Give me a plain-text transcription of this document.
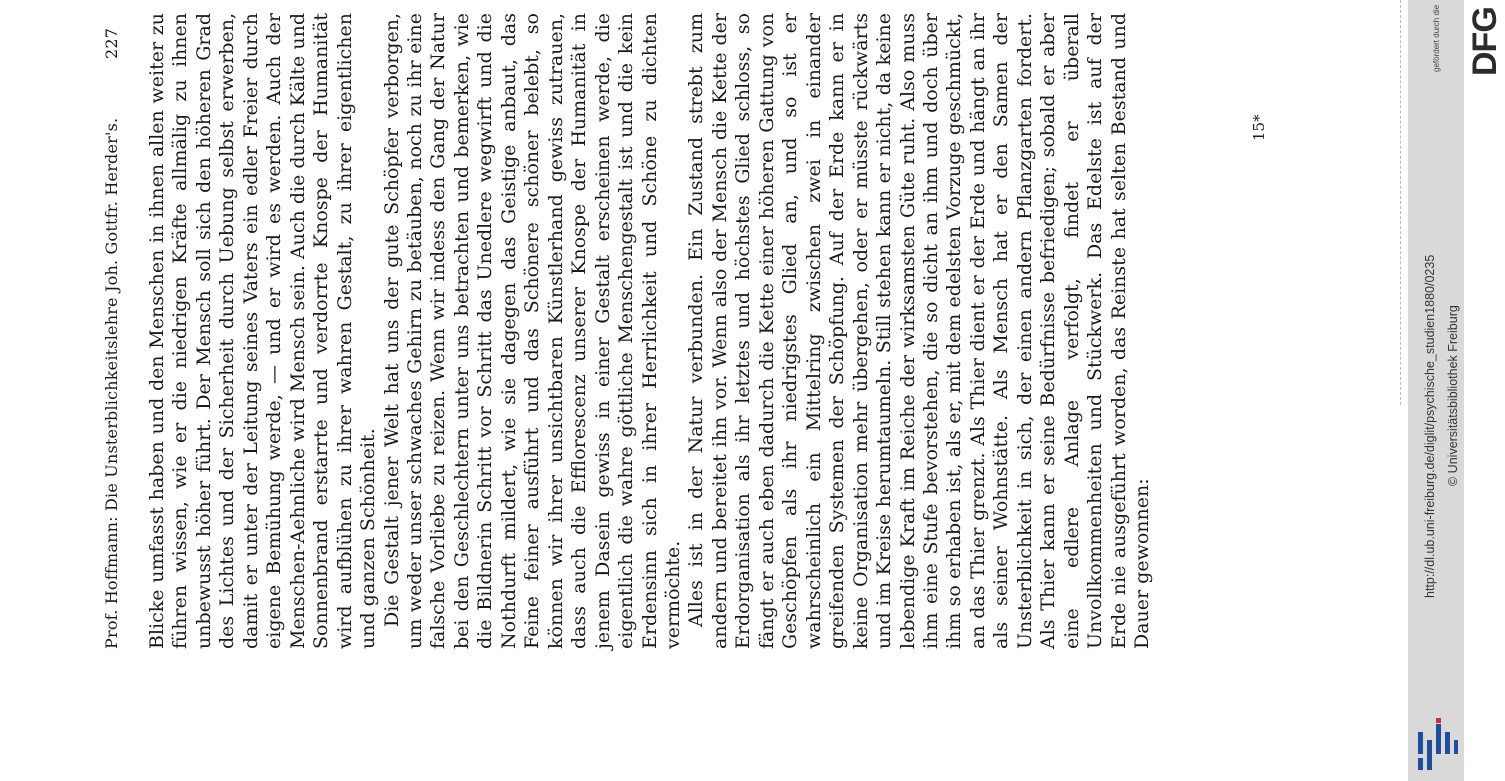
Prof. Hoffmann: Die Unsterblichkeitslehre Joh. Gottfr. Herder's.
227 Blicke umfasst haben und den Menschen in ihnen allen weiter zu führen wissen, wie er die niedrigen Kräfte allmälig zu ihnen unbewusst höher führt. Der Mensch soll sich den höheren Grad des Lichtes und der Sicherheit durch Uebung selbst erwerben, damit er unter der Leitung seines Vaters ein edler Freier durch eigene Bemühung werde, — und er wird es werden. Auch der Menschen-Aehnliche wird Mensch sein. Auch die durch Kälte und Sonnenbrand erstarrte und verdorrte Knospe der Humanität wird aufblühen zu ihrer wahren Gestalt, zu ihrer eigentlichen und ganzen Schönheit. Die Gestalt jener Welt hat uns der gute Schöpfer verborgen, um weder unser schwaches Gehirn zu betäuben, noch zu ihr eine falsche Vorliebe zu reizen. Wenn wir indess den Gang der Natur bei den Geschlechtern unter uns betrachten und bemerken, wie die Bildnerin Schritt vor Schritt das Unedlere wegwirft und die Nothdurft mildert, wie sie dagegen das Geistige anbaut, das Feine feiner ausführt und das Schönere schöner belebt, so können wir ihrer unsichtbaren Künstlerhand gewiss zutrauen, dass auch die Efflorescenz unserer Knospe der Humanität in jenem Dasein gewiss in einer Gestalt erscheinen werde, die eigentlich die wahre göttliche Menschengestalt ist und die kein Erdensinn sich in ihrer Herrlichkeit und Schöne zu dichten vermöchte. Alles ist in der Natur verbunden. Ein Zustand strebt zum andern und bereitet ihn vor. Wenn also der Mensch die Kette der Erdorganisation als ihr letztes und höchstes Glied schloss, so fängt er auch eben dadurch die Kette einer höheren Gattung von Geschöpfen als ihr niedrigstes Glied an, und so ist er wahrscheinlich ein Mittelring zwischen zwei in einander greifenden Systemen der Schöpfung. Auf der Erde kann er in keine Organisation mehr übergehen, oder er müsste rückwärts und im Kreise herumtaumeln. Still stehen kann er nicht, da keine lebendige Kraft im Reiche der wirksamsten Güte ruht. Also muss ihm eine Stufe bevorstehen, die so dicht an ihm und doch über ihm so erhaben ist, als er, mit dem edelsten Vorzuge geschmückt, an das Thier grenzt. Als Thier dient er der Erde und hängt an ihr als seiner Wohnstätte. Als Mensch hat er den Samen der Unsterblichkeit in sich, der einen andern Pflanzgarten fordert. Als Thier kann er seine Bedürfnisse befriedigen; sobald er aber eine edlere Anlage verfolgt, findet er überall Unvollkommenheiten und Stückwerk. Das Edelste ist auf der Erde nie ausgeführt worden, das Reinste hat selten Bestand und Dauer gewonnen:

15*
gefördert durch die DFG
http://dl.ub.uni-freiburg.de/diglit/psychische_studien1880/0235 © Universitätsbibliothek Freiburg
